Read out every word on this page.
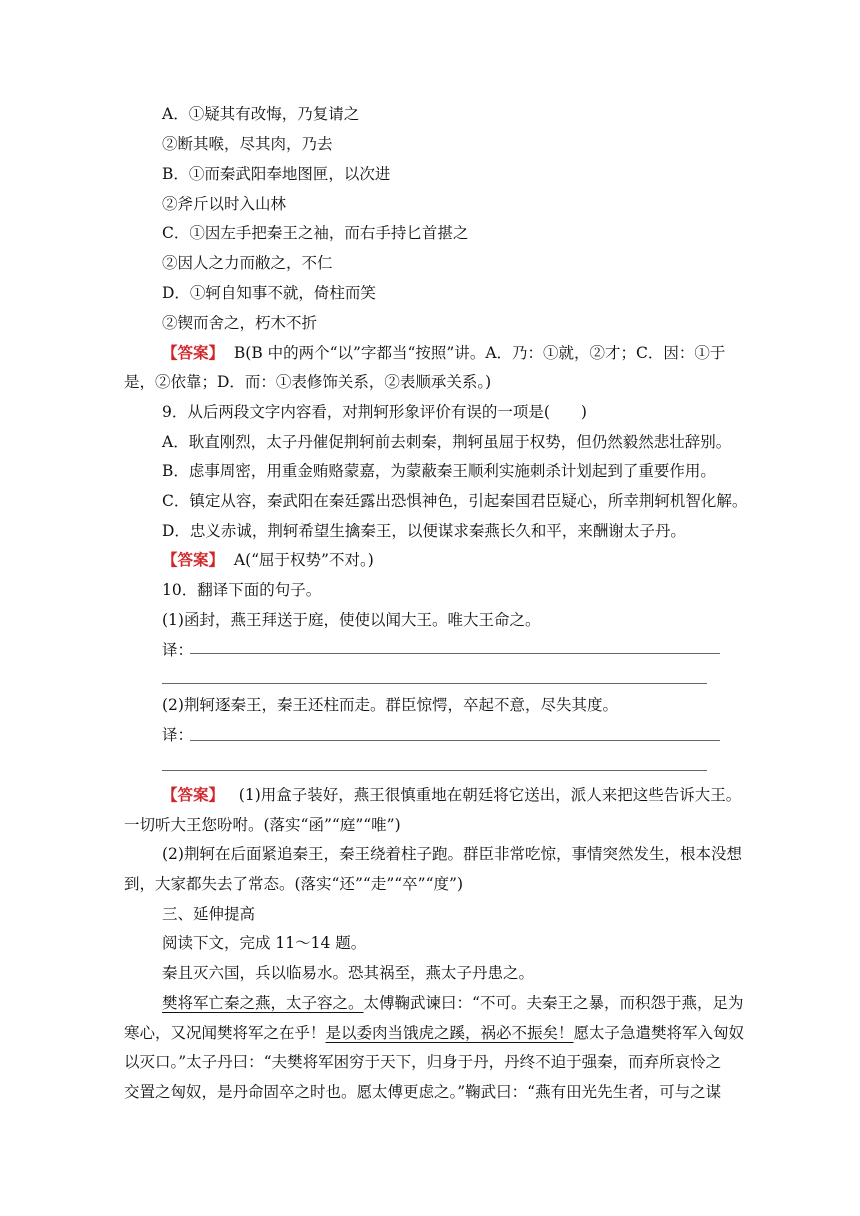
A．①疑其有改悔，乃复请之
②断其喉，尽其肉，乃去
B．①而秦武阳奉地图匣，以次进
②斧斤以时入山林
C．①因左手把秦王之袖，而右手持匕首揕之
②因人之力而敝之，不仁
D．①轲自知事不就，倚柱而笑
②锲而舍之，朽木不折
【答案】 B(B 中的两个“以”字都当“按照”讲。A．乃：①就，②才；C．因：①于
是，②依靠；D．而：①表修饰关系，②表顺承关系。)
9．从后两段文字内容看，对荆轲形象评价有误的一项是(　　)
A．耿直刚烈，太子丹催促荆轲前去刺秦，荆轲虽屈于权势，但仍然毅然悲壮辞别。
B．虑事周密，用重金贿赂蒙嘉，为蒙蔽秦王顺利实施刺杀计划起到了重要作用。
C．镇定从容，秦武阳在秦廷露出恐惧神色，引起秦国君臣疑心，所幸荆轲机智化解。
D．忠义赤诚，荆轲希望生擒秦王，以便谋求秦燕长久和平，来酬谢太子丹。
【答案】 A(“屈于权势”不对。)
10．翻译下面的句子。
(1)函封，燕王拜送于庭，使使以闻大王。唯大王命之。
译：
(2)荆轲逐秦王，秦王还柱而走。群臣惊愕，卒起不意，尽失其度。
译：
【答案】 (1)用盒子装好，燕王很慎重地在朝廷将它送出，派人来把这些告诉大王。
一切听大王您吩咐。(落实“函”“庭”“唯”)
(2)荆轲在后面紧追秦王，秦王绕着柱子跑。群臣非常吃惊，事情突然发生，根本没想
到，大家都失去了常态。(落实“还”“走”“卒”“度”)
三、延伸提高
阅读下文，完成 11～14 题。
秦且灭六国，兵以临易水。恐其祸至，燕太子丹患之。
樊将军亡秦之燕，太子容之。太傅鞠武谏曰：“不可。夫秦王之暴，而积怨于燕，足为
寒心，又况闻樊将军之在乎！是以委肉当饿虎之蹊，祸必不振矣！愿太子急遣樊将军入匈奴
以灭口。”太子丹曰：“夫樊将军困穷于天下，归身于丹，丹终不迫于强秦，而弃所哀怜之
交置之匈奴，是丹命固卒之时也。愿太傅更虑之。”鞠武曰：“燕有田光先生者，可与之谋
